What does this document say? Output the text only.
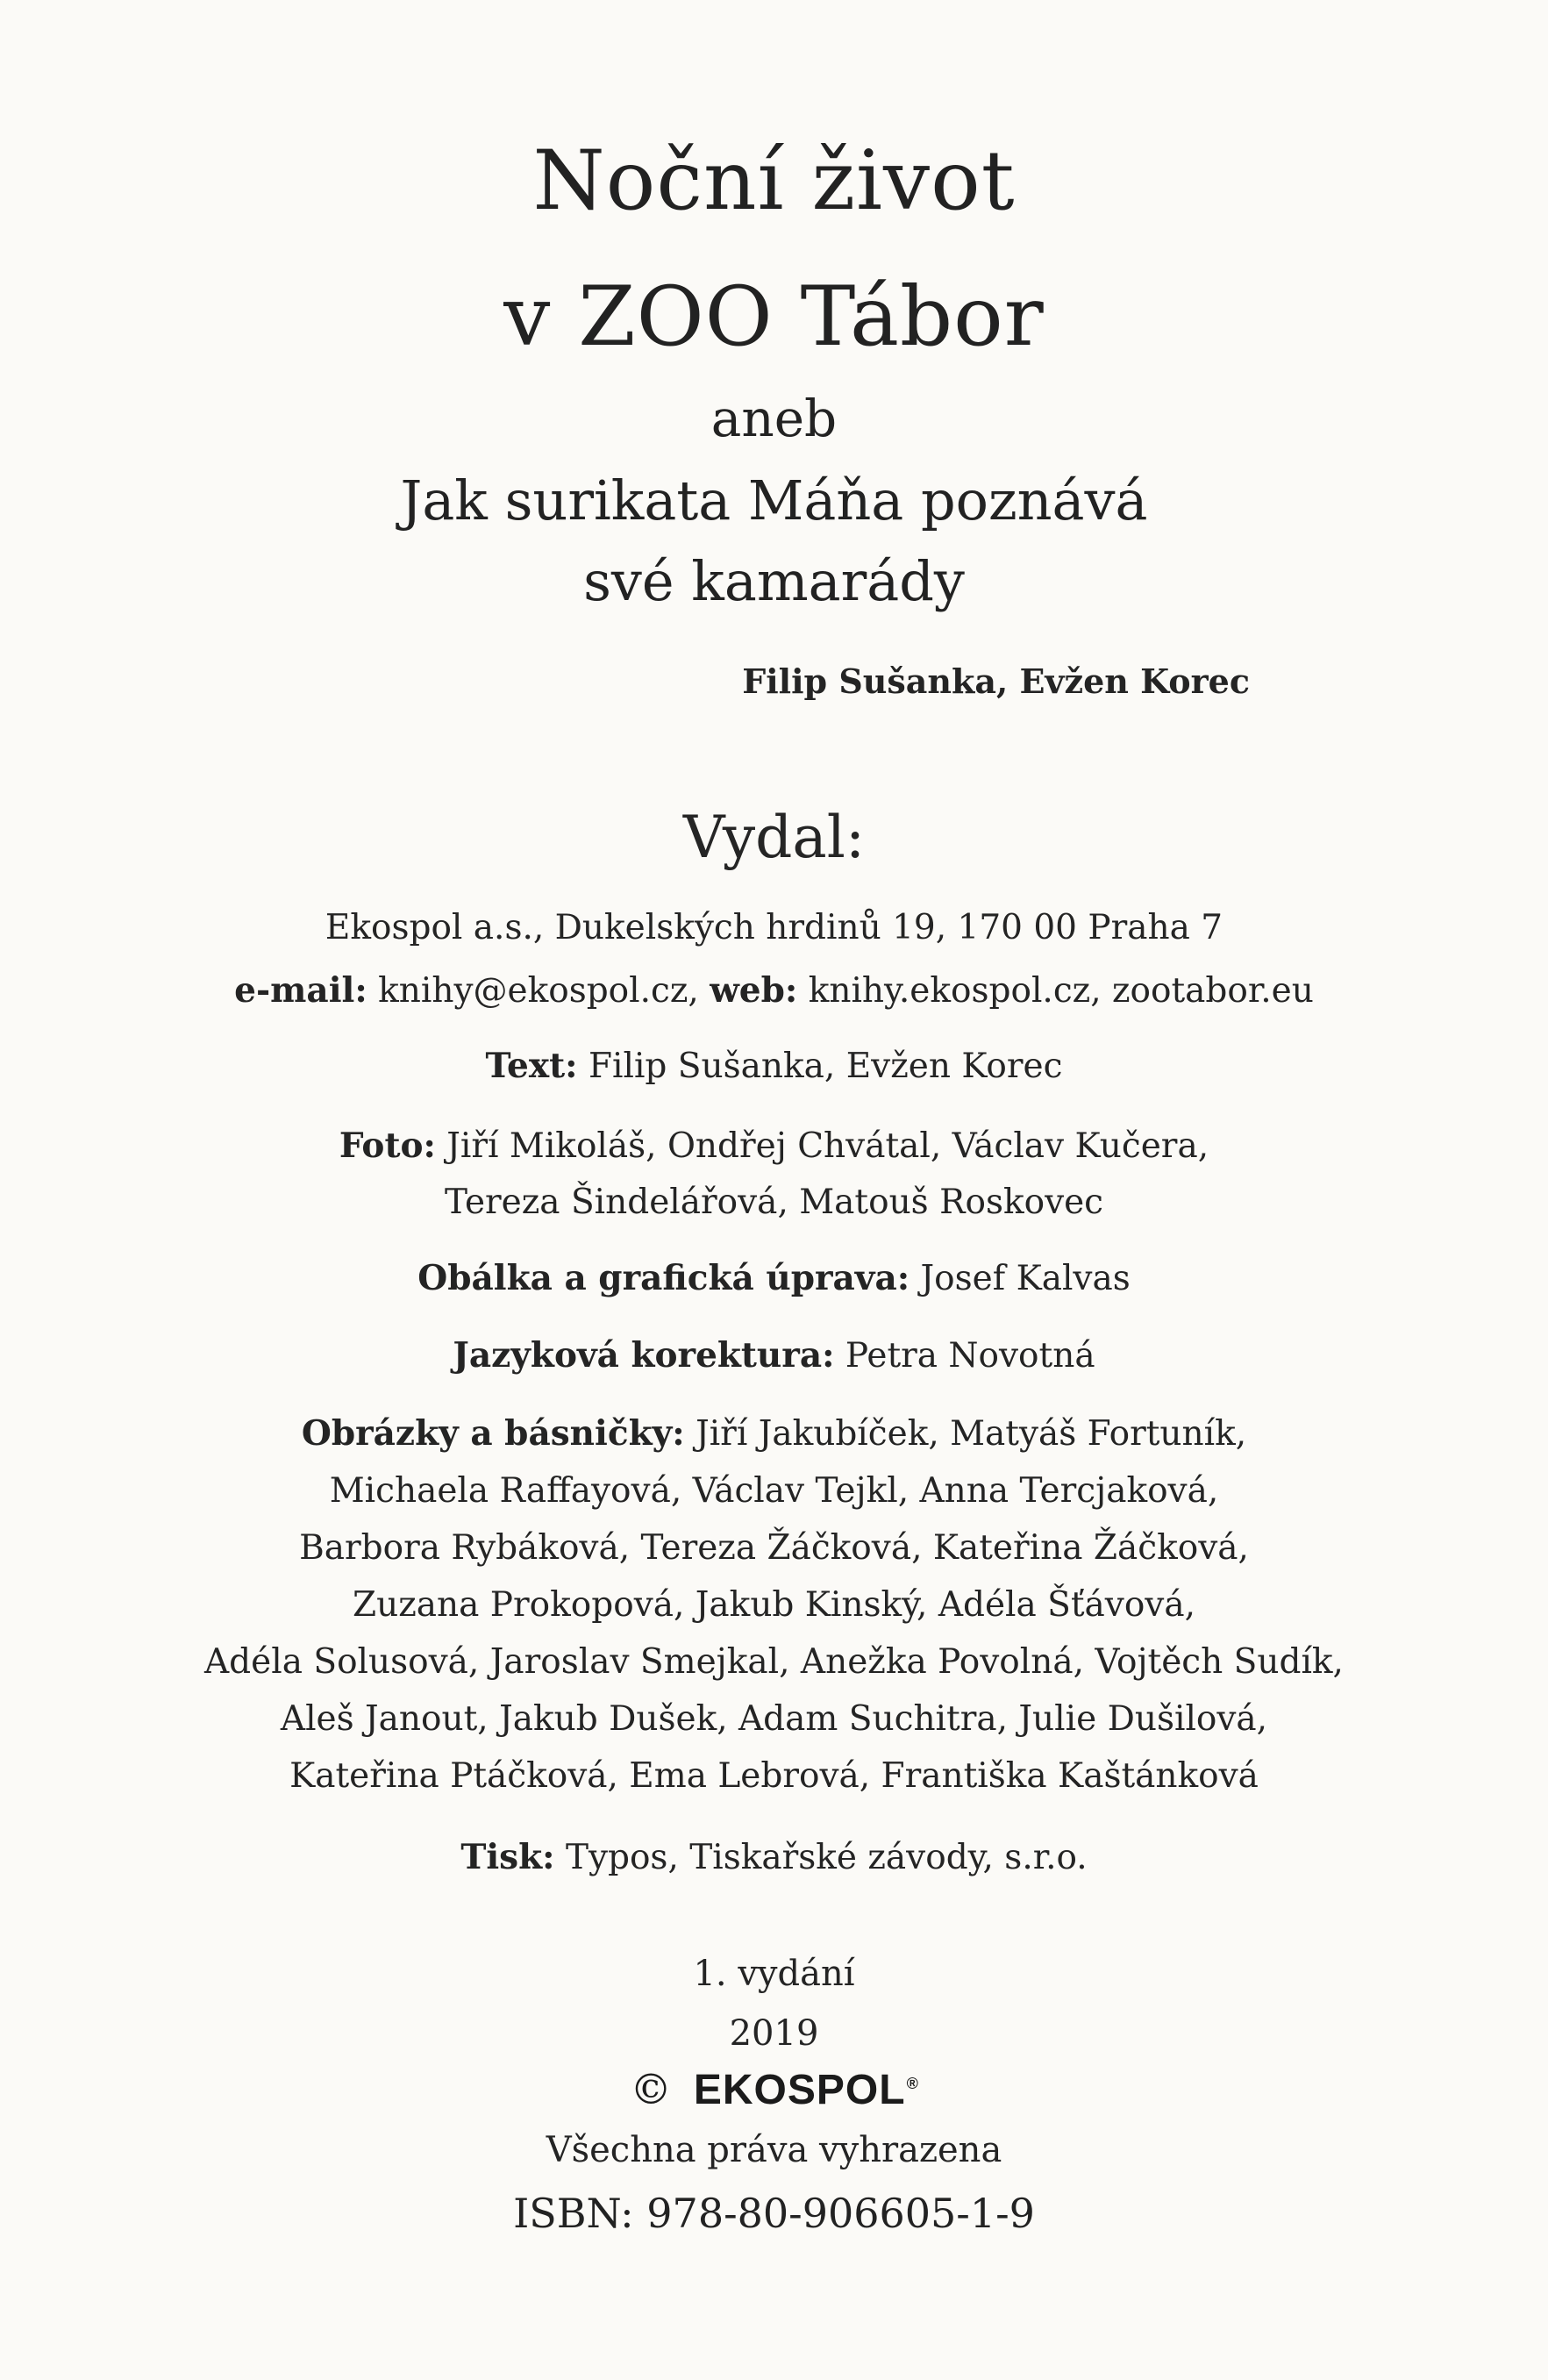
Noční život
v ZOO Tábor
aneb
Jak surikata Máňa poznává
své kamarády
Filip Sušanka, Evžen Korec
Vydal:
Ekospol a.s., Dukelských hrdinů 19, 170 00 Praha 7
e-mail: knihy@ekospol.cz, web: knihy.ekospol.cz, zootabor.eu
Text: Filip Sušanka, Evžen Korec
Foto: Jiří Mikoláš, Ondřej Chvátal, Václav Kučera,
Tereza Šindelářová, Matouš Roskovec
Obálka a grafická úprava: Josef Kalvas
Jazyková korektura: Petra Novotná
Obrázky a básničky: Jiří Jakubíček, Matyáš Fortuník,
Michaela Raffayová, Václav Tejkl, Anna Tercjaková,
Barbora Rybáková, Tereza Žáčková, Kateřina Žáčková,
Zuzana Prokopová, Jakub Kinský, Adéla Šťávová,
Adéla Solusová, Jaroslav Smejkal, Anežka Povolná, Vojtěch Sudík,
Aleš Janout, Jakub Dušek, Adam Suchitra, Julie Dušilová,
Kateřina Ptáčková, Ema Lebrová, Františka Kaštánková
Tisk: Typos, Tiskařské závody, s.r.o.
1. vydání
2019
© EKOSPOL®
Všechna práva vyhrazena
ISBN: 978-80-906605-1-9
